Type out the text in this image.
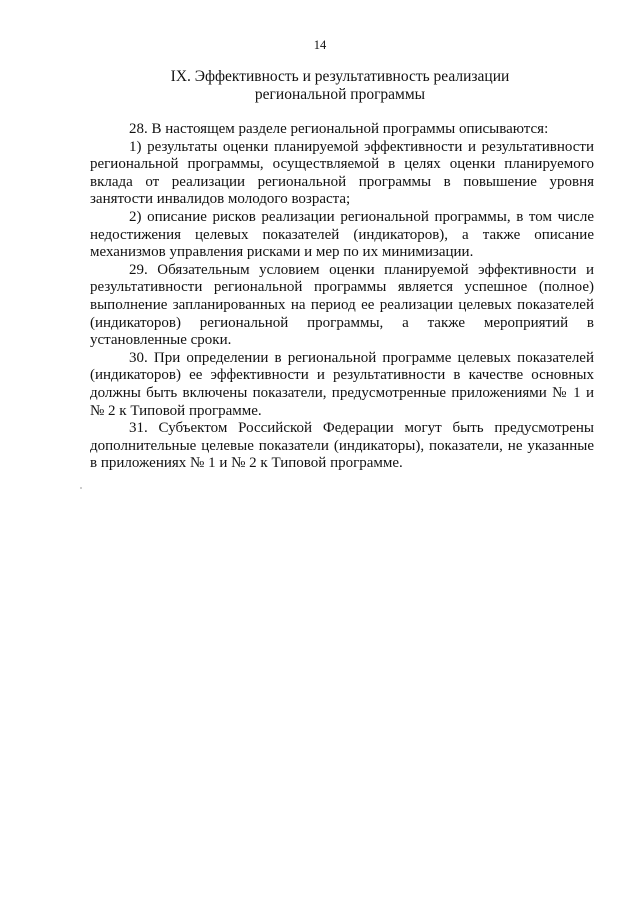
14
IX. Эффективность и результативность реализации
региональной программы

28. В настоящем разделе региональной программы описываются:

1) результаты оценки планируемой эффективности и результативности региональной программы, осуществляемой в целях оценки планируемого вклада от реализации региональной программы в повышение уровня занятости инвалидов молодого возраста;

2) описание рисков реализации региональной программы, в том числе недостижения целевых показателей (индикаторов), а также описание механизмов управления рисками и мер по их минимизации.

29. Обязательным условием оценки планируемой эффективности и результативности региональной программы является успешное (полное) выполнение запланированных на период ее реализации целевых показателей (индикаторов) региональной программы, а также мероприятий в установленные сроки.

30. При определении в региональной программе целевых показателей (индикаторов) ее эффективности и результативности в качестве основных должны быть включены показатели, предусмотренные приложениями № 1 и № 2 к Типовой программе.

31. Субъектом Российской Федерации могут быть предусмотрены дополнительные целевые показатели (индикаторы), показатели, не указанные в приложениях № 1 и № 2 к Типовой программе.
